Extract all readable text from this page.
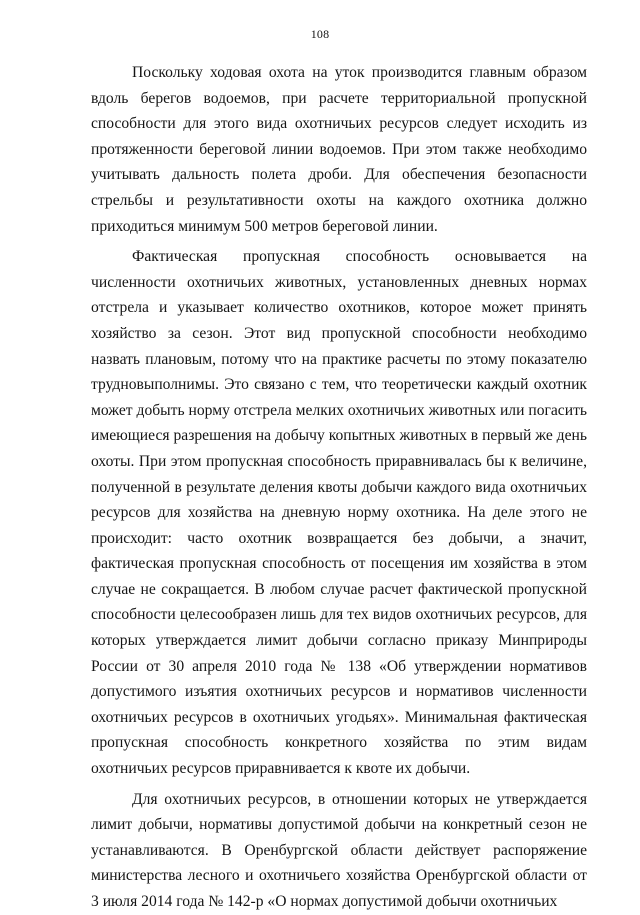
108

Поскольку ходовая охота на уток производится главным образом вдоль берегов водоемов, при расчете территориальной пропускной способности для этого вида охотничьих ресурсов следует исходить из протяженности береговой линии водоемов. При этом также необходимо учитывать дальность полета дроби. Для обеспечения безопасности стрельбы и результативности охоты на каждого охотника должно приходиться минимум 500 метров береговой линии.

Фактическая пропускная способность основывается на численности охотничьих животных, установленных дневных нормах отстрела и указывает количество охотников, которое может принять хозяйство за сезон. Этот вид пропускной способности необходимо назвать плановым, потому что на практике расчеты по этому показателю трудновыполнимы. Это связано с тем, что теоретически каждый охотник может добыть норму отстрела мелких охотничьих животных или погасить имеющиеся разрешения на добычу копытных животных в первый же день охоты. При этом пропускная способность приравнивалась бы к величине, полученной в результате деления квоты добычи каждого вида охотничьих ресурсов для хозяйства на дневную норму охотника. На деле этого не происходит: часто охотник возвращается без добычи, а значит, фактическая пропускная способность от посещения им хозяйства в этом случае не сокращается. В любом случае расчет фактической пропускной способности целесообразен лишь для тех видов охотничьих ресурсов, для которых утверждается лимит добычи согласно приказу Минприроды России от 30 апреля 2010 года № 138 «Об утверждении нормативов допустимого изъятия охотничьих ресурсов и нормативов численности охотничьих ресурсов в охотничьих угодьях». Минимальная фактическая пропускная способность конкретного хозяйства по этим видам охотничьих ресурсов приравнивается к квоте их добычи.

Для охотничьих ресурсов, в отношении которых не утверждается лимит добычи, нормативы допустимой добычи на конкретный сезон не устанавливаются. В Оренбургской области действует распоряжение министерства лесного и охотничьего хозяйства Оренбургской области от 3 июля 2014 года № 142-р «О нормах допустимой добычи охотничьих
